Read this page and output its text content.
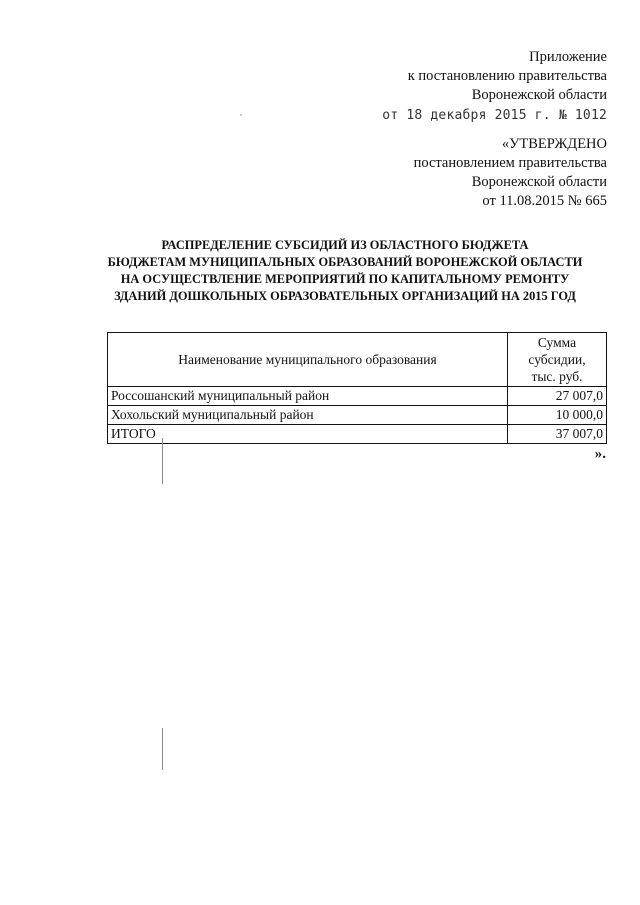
Приложение
к постановлению правительства
Воронежской области
от 18 декабря 2015 г. № 1012
«УТВЕРЖДЕНО
постановлением правительства
Воронежской области
от 11.08.2015 № 665
РАСПРЕДЕЛЕНИЕ СУБСИДИЙ ИЗ ОБЛАСТНОГО БЮДЖЕТА
БЮДЖЕТАМ МУНИЦИПАЛЬНЫХ ОБРАЗОВАНИЙ ВОРОНЕЖСКОЙ ОБЛАСТИ
НА ОСУЩЕСТВЛЕНИЕ МЕРОПРИЯТИЙ ПО КАПИТАЛЬНОМУ РЕМОНТУ
ЗДАНИЙ ДОШКОЛЬНЫХ ОБРАЗОВАТЕЛЬНЫХ ОРГАНИЗАЦИЙ НА 2015 ГОД
Наименование муниципального образования	Сумма
субсидии,
тыс. руб.

Россошанский муниципальный район	27 007,0
Хохольский муниципальный район	10 000,0
ИТОГО	37 007,0
».
